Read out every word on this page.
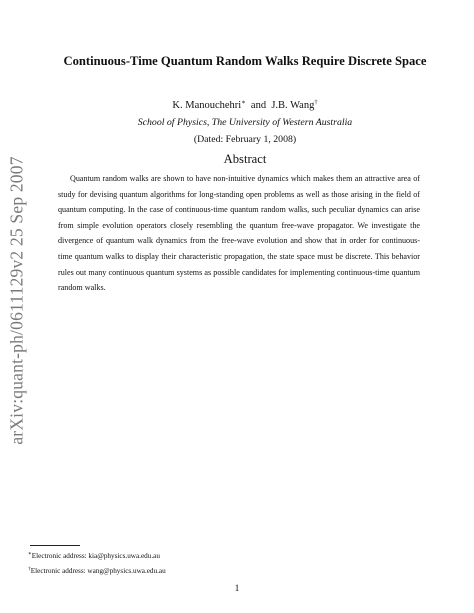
arXiv:quant-ph/0611129v2 25 Sep 2007
Continuous-Time Quantum Random Walks Require Discrete Space
K. Manouchehri∗ and J.B. Wang†
School of Physics, The University of Western Australia
(Dated: February 1, 2008)
Abstract
Quantum random walks are shown to have non-intuitive dynamics which makes them an attractive area of study for devising quantum algorithms for long-standing open problems as well as those arising in the field of quantum computing. In the case of continuous-time quantum random walks, such peculiar dynamics can arise from simple evolution operators closely resembling the quantum free-wave propagator. We investigate the divergence of quantum walk dynamics from the free-wave evolution and show that in order for continuous-time quantum walks to display their characteristic propagation, the state space must be discrete. This behavior rules out many continuous quantum systems as possible candidates for implementing continuous-time quantum random walks.
∗Electronic address: kia@physics.uwa.edu.au
†Electronic address: wang@physics.uwa.edu.au
1
